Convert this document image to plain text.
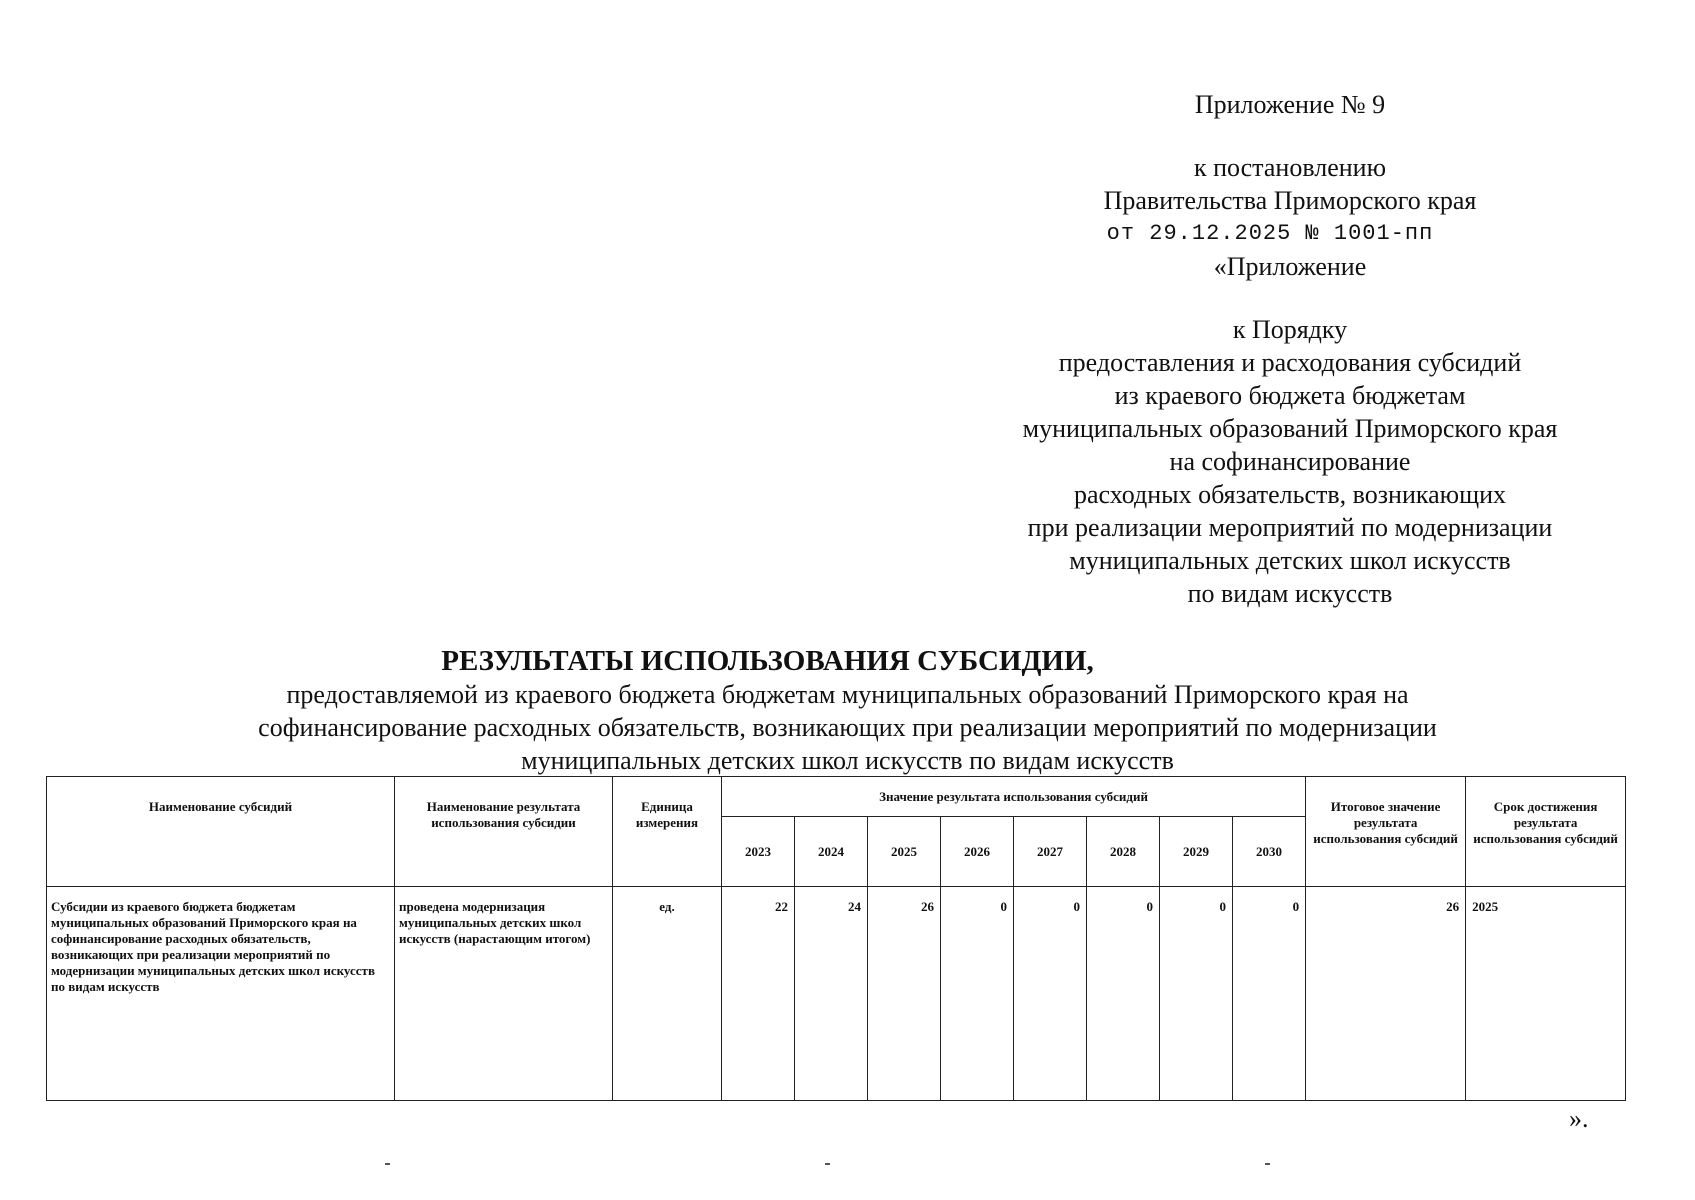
Приложение № 9
к постановлению
Правительства Приморского края
от 29.12.2025 № 1001-пп
«Приложение
к Порядку
предоставления и расходования субсидий
из краевого бюджета бюджетам
муниципальных образований Приморского края
на софинансирование
расходных обязательств, возникающих
при реализации мероприятий по модернизации
муниципальных детских школ искусств
по видам искусств
РЕЗУЛЬТАТЫ ИСПОЛЬЗОВАНИЯ СУБСИДИИ,
предоставляемой из краевого бюджета бюджетам муниципальных образований Приморского края на
софинансирование расходных обязательств, возникающих при реализации мероприятий по модернизации
муниципальных детских школ искусств по видам искусств
Наименование субсидий	Наименование результата использования субсидии	Единица измерения	Значение результата использования субсидий								Итоговое значение результата использования субсидий	Срок достижения результата использования субсидий
			2023	2024	2025	2026	2027	2028	2029	2030		
Субсидии из краевого бюджета бюджетам муниципальных образований Приморского края на софинансирование расходных обязательств, возникающих при реализации мероприятий по модернизации муниципальных детских школ искусств по видам искусств	проведена модернизация муниципальных детских школ искусств (нарастающим итогом)	ед.	22	24	26	0	0	0	0	0	26	2025
».
